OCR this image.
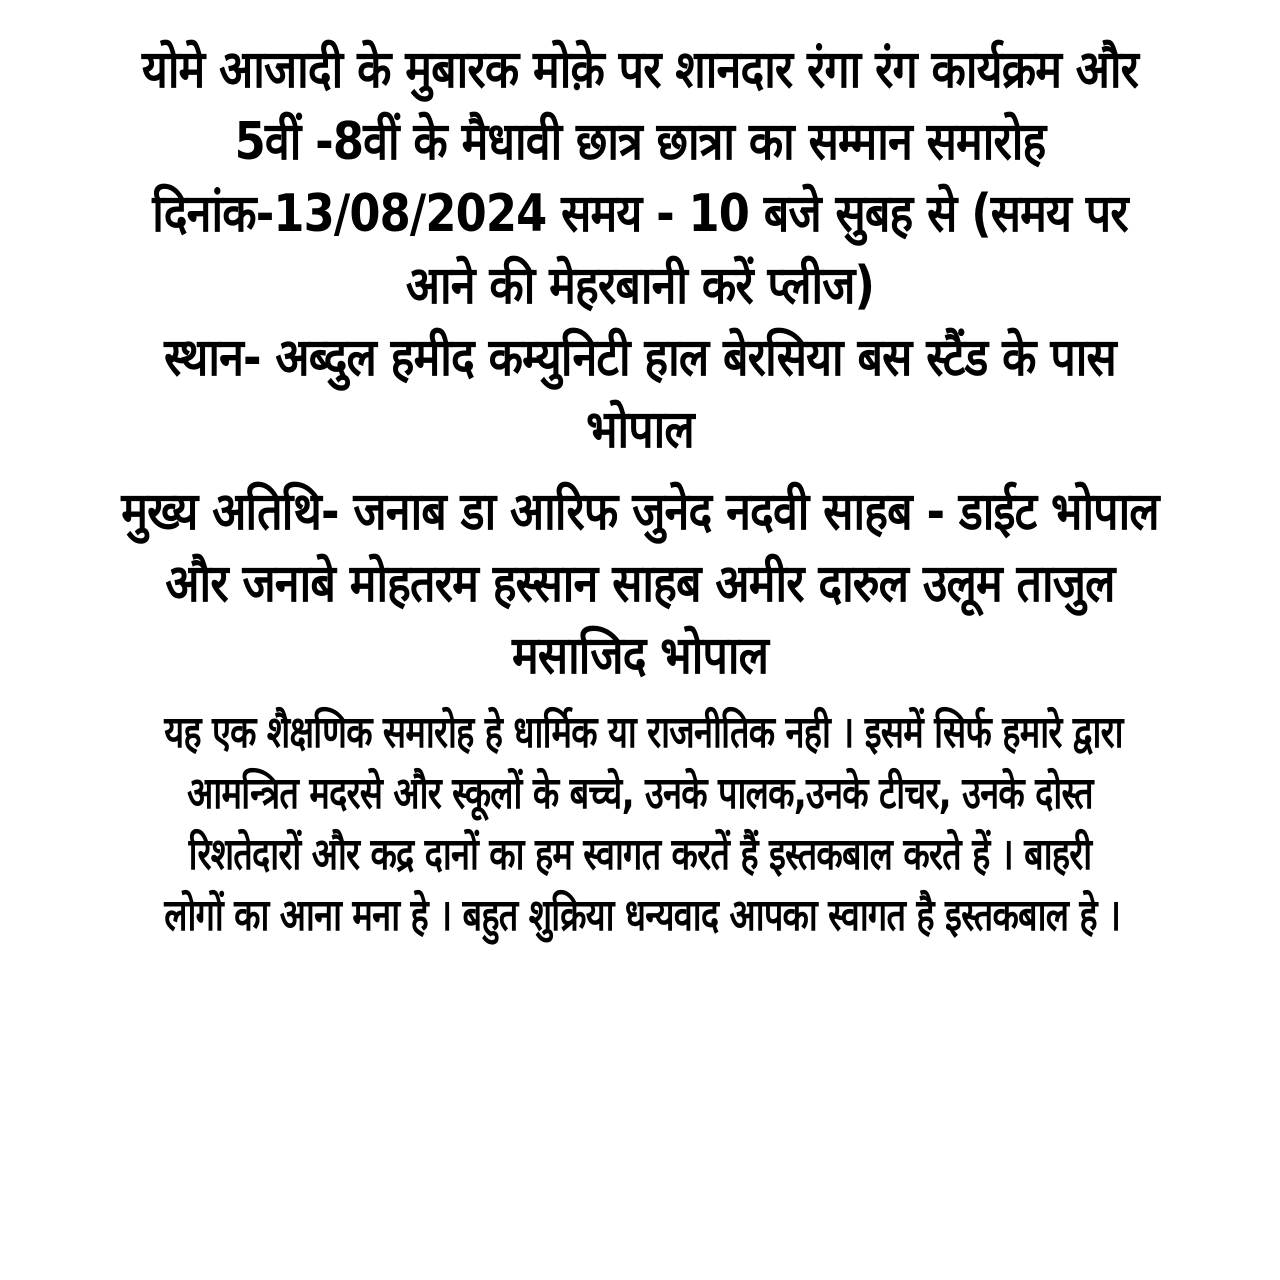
योमे आजादी के मुबारक मोक़े पर शानदार रंगा रंग कार्यक्रम और
5वीं -8वीं के मैधावी छात्र छात्रा का सम्मान समारोह
दिनांक-13/08/2024 समय - 10 बजे सुबह से (समय पर
आने की मेहरबानी करें प्लीज)
स्थान- अब्दुल हमीद कम्युनिटी हाल बेरसिया बस स्टैंड के पास
भोपाल
मुख्य अतिथि- जनाब डा आरिफ जुनेद नदवी साहब - डाईट भोपाल
और जनाबे मोहतरम हस्सान साहब अमीर दारुल उलूम ताजुल
मसाजिद भोपाल
यह एक शैक्षणिक समारोह हे धार्मिक या राजनीतिक नही । इसमें सिर्फ हमारे द्वारा
आमन्त्रित मदरसे और स्कूलों के बच्चे, उनके पालक,उनके टीचर, उनके दोस्त
रिशतेदारों और कद्र दानों का हम स्वागत करतें हैं इस्तकबाल करते हें । बाहरी
लोगों का आना मना हे । बहुत शुक्रिया धन्यवाद आपका स्वागत है इस्तकबाल हे ।
